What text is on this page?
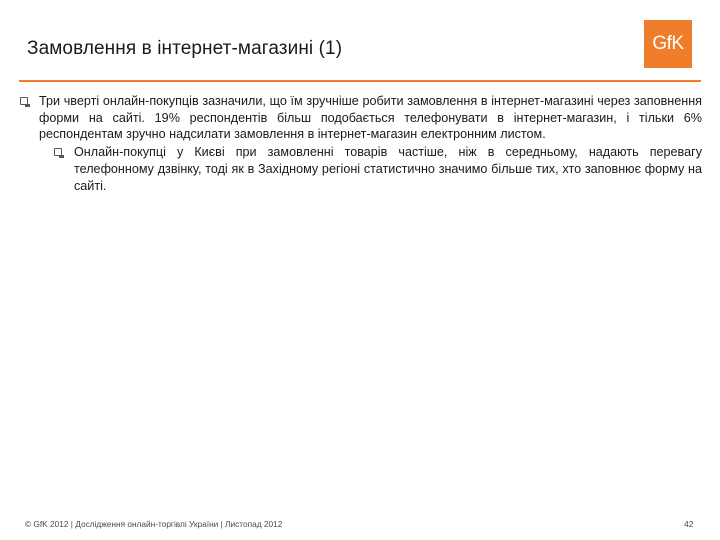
Замовлення в інтернет-магазині (1)	GfK
Три чверті онлайн-покупців зазначили, що їм зручніше робити замовлення в інтернет-магазині через заповнення форми на сайті. 19% респондентів більш подобається телефонувати в інтернет-магазин, і тільки 6% респондентам зручно надсилати замовлення в інтернет-магазин електронним листом.
Онлайн-покупці у Києві при замовленні товарів частіше, ніж в середньому, надають перевагу телефонному дзвінку, тоді як в Західному регіоні статистично значимо більше тих, хто заповнює форму на сайті.
© GfK 2012 | Дослідження онлайн-торгівлі України | Листопад 2012	42
